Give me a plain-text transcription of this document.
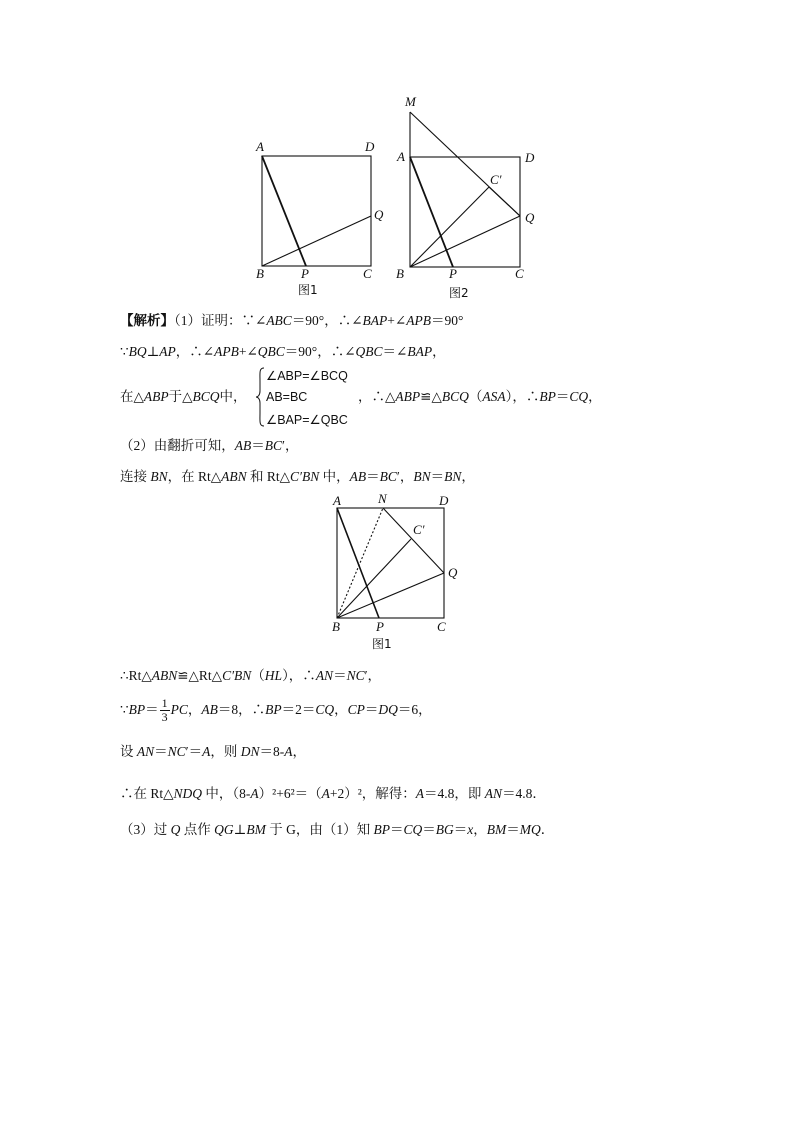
A	D
Q
B	P	C
图1
M
A	D
C′
Q
B	P	C
图2
【解析】（1）证明：∵∠ABC＝90°，∴∠BAP+∠APB＝90°
∵BQ⊥AP，∴∠APB+∠QBC＝90°，∴∠QBC＝∠BAP，
在△ABP于△BCQ中，
∠ABP=∠BCQ
AB=BC
∠BAP=∠QBC
，∴△ABP≌△BCQ（ASA），∴BP＝CQ，
（2）由翻折可知，AB＝BC′，
连接 BN，在 Rt△ABN 和 Rt△C′BN 中，AB＝BC′，BN＝BN，
A	N	D
C′
Q
B	P	C
图1
∴Rt△ABN≌△Rt△C′BN（HL），∴AN＝NC′，
∵BP＝ $\frac{1}{3}$ PC，AB＝8，∴BP＝2＝CQ，CP＝DQ＝6，
设 AN＝NC′＝A，则 DN＝8-A，
∴在 Rt△NDQ 中，（8-A）²+6²＝（A+2）²，解得：A＝4.8，即 AN＝4.8．
（3）过 Q 点作 QG⊥BM 于 G，由（1）知 BP＝CQ＝BG＝x，BM＝MQ．
